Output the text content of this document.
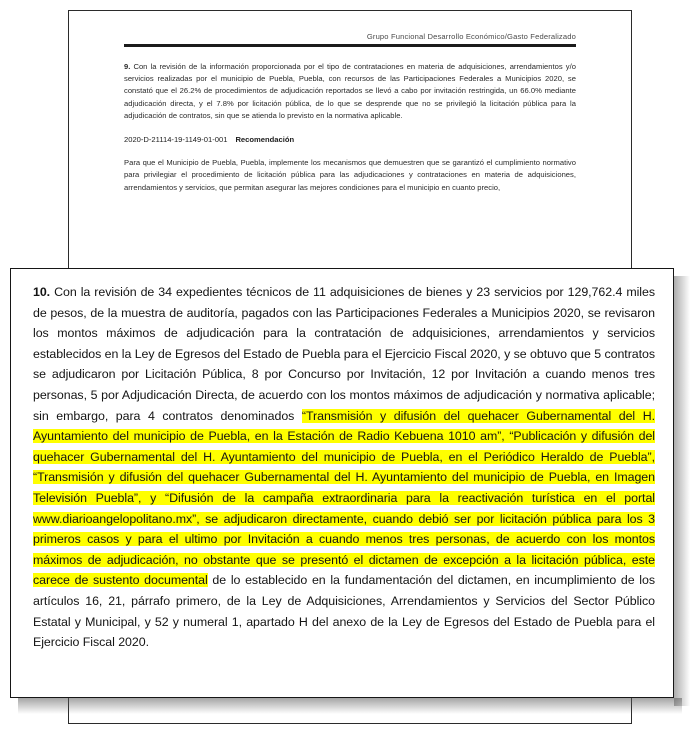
Grupo Funcional Desarrollo Económico/Gasto Federalizado

9. Con la revisión de la información proporcionada por el tipo de contrataciones en materia de adquisiciones, arrendamientos y/o servicios realizadas por el municipio de Puebla, Puebla, con recursos de las Participaciones Federales a Municipios 2020, se constató que el 26.2% de procedimientos de adjudicación reportados se llevó a cabo por invitación restringida, un 66.0% mediante adjudicación directa, y el 7.8% por licitación pública, de lo que se desprende que no se privilegió la licitación pública para la adjudicación de contratos, sin que se atienda lo previsto en la normativa aplicable.

2020-D-21114-19-1149-01-001 Recomendación

Para que el Municipio de Puebla, Puebla, implemente los mecanismos que demuestren que se garantizó el cumplimiento normativo para privilegiar el procedimiento de licitación pública para las adjudicaciones y contrataciones en materia de adquisiciones, arrendamientos y servicios, que permitan asegurar las mejores condiciones para el municipio en cuanto precio,

10. Con la revisión de 34 expedientes técnicos de 11 adquisiciones de bienes y 23 servicios por 129,762.4 miles de pesos, de la muestra de auditoría, pagados con las Participaciones Federales a Municipios 2020, se revisaron los montos máximos de adjudicación para la contratación de adquisiciones, arrendamientos y servicios establecidos en la Ley de Egresos del Estado de Puebla para el Ejercicio Fiscal 2020, y se obtuvo que 5 contratos se adjudicaron por Licitación Pública, 8 por Concurso por Invitación, 12 por Invitación a cuando menos tres personas, 5 por Adjudicación Directa, de acuerdo con los montos máximos de adjudicación y normativa aplicable; sin embargo, para 4 contratos denominados “Transmisión y difusión del quehacer Gubernamental del H. Ayuntamiento del municipio de Puebla, en la Estación de Radio Kebuena 1010 am”, “Publicación y difusión del quehacer Gubernamental del H. Ayuntamiento del municipio de Puebla, en el Periódico Heraldo de Puebla”, “Transmisión y difusión del quehacer Gubernamental del H. Ayuntamiento del municipio de Puebla, en Imagen Televisión Puebla”, y “Difusión de la campaña extraordinaria para la reactivación turística en el portal www.diarioangelopolitano.mx”, se adjudicaron directamente, cuando debió ser por licitación pública para los 3 primeros casos y para el ultimo por Invitación a cuando menos tres personas, de acuerdo con los montos máximos de adjudicación, no obstante que se presentó el dictamen de excepción a la licitación pública, este carece de sustento documental de lo establecido en la fundamentación del dictamen, en incumplimiento de los artículos 16, 21, párrafo primero, de la Ley de Adquisiciones, Arrendamientos y Servicios del Sector Público Estatal y Municipal, y 52 y numeral 1, apartado H del anexo de la Ley de Egresos del Estado de Puebla para el Ejercicio Fiscal 2020.
